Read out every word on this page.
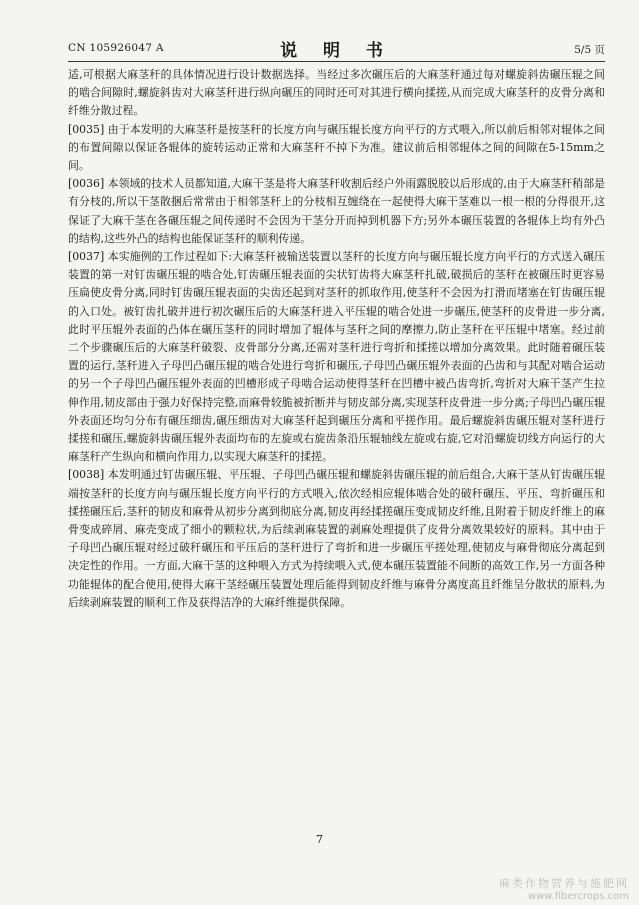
CN 105926047 A	说 明 书	5/5 页

适,可根据大麻茎秆的具体情况进行设计数据选择。当经过多次碾压后的大麻茎秆通过每对螺旋斜齿碾压辊之间的啮合间隙时,螺旋斜齿对大麻茎秆进行纵向碾压的同时还可对其进行横向揉搓,从而完成大麻茎秆的皮骨分离和纤维分散过程。

[0035] 由于本发明的大麻茎秆是按茎秆的长度方向与碾压辊长度方向平行的方式喂入,所以前后相邻对辊体之间的布置间隙以保证各辊体的旋转运动正常和大麻茎秆不掉下为准。建议前后相邻辊体之间的间隙在5-15mm之间。

[0036] 本领域的技术人员都知道,大麻干茎是将大麻茎秆收割后经户外雨露脱胶以后形成的,由于大麻茎秆稍部是有分枝的,所以干茎散捆后常常由于相邻茎秆上的分枝相互缠绕在一起使得大麻干茎难以一根一根的分得很开,这保证了大麻干茎在各碾压辊之间传递时不会因为干茎分开而掉到机器下方;另外本碾压装置的各辊体上均有外凸的结构,这些外凸的结构也能保证茎秆的顺利传递。

[0037] 本实施例的工作过程如下:大麻茎秆被输送装置以茎秆的长度方向与碾压辊长度方向平行的方式送入碾压装置的第一对钉齿碾压辊的啮合处,钉齿碾压辊表面的尖状钉齿将大麻茎秆扎破,破损后的茎秆在被碾压时更容易压扁使皮骨分离,同时钉齿碾压辊表面的尖齿还起到对茎秆的抓取作用,使茎秆不会因为打滑而堵塞在钉齿碾压辊的入口处。被钉齿扎破并进行初次碾压后的大麻茎秆进入平压辊的啮合处进一步碾压,使茎秆的皮骨进一步分离,此时平压辊外表面的凸体在碾压茎秆的同时增加了辊体与茎秆之间的摩擦力,防止茎秆在平压辊中堵塞。经过前二个步骤碾压后的大麻茎秆破裂、皮骨部分分离,还需对茎秆进行弯折和揉搓以增加分离效果。此时随着碾压装置的运行,茎秆进入子母凹凸碾压辊的啮合处进行弯折和碾压,子母凹凸碾压辊外表面的凸齿和与其配对啮合运动的另一个子母凹凸碾压辊外表面的凹槽形成子母啮合运动使得茎秆在凹槽中被凸齿弯折,弯折对大麻干茎产生拉伸作用,韧皮部由于强力好保持完整,而麻骨较脆被折断并与韧皮部分离,实现茎秆皮骨进一步分离;子母凹凸碾压辊外表面还均匀分布有碾压细齿,碾压细齿对大麻茎秆起到碾压分离和平搓作用。最后螺旋斜齿碾压辊对茎秆进行揉搓和碾压,螺旋斜齿碾压辊外表面均布的左旋或右旋齿条沿压辊轴线左旋或右旋,它对沿螺旋切线方向运行的大麻茎秆产生纵向和横向作用力,以实现大麻茎秆的揉搓。

[0038] 本发明通过钉齿碾压辊、平压辊、子母凹凸碾压辊和螺旋斜齿碾压辊的前后组合,大麻干茎从钉齿碾压辊端按茎秆的长度方向与碾压辊长度方向平行的方式喂入,依次经相应辊体啮合处的破秆碾压、平压、弯折碾压和揉搓碾压后,茎秆的韧皮和麻骨从初步分离到彻底分离,韧皮再经揉搓碾压变成韧皮纤维,且附着于韧皮纤维上的麻骨变成碎屑、麻壳变成了细小的颗粒状,为后续剥麻装置的剥麻处理提供了皮骨分离效果较好的原料。其中由于子母凹凸碾压辊对经过破秆碾压和平压后的茎秆进行了弯折和进一步碾压平搓处理,使韧皮与麻骨彻底分离起到决定性的作用。一方面,大麻干茎的这种喂入方式为持续喂入式,使本碾压装置能不间断的高效工作,另一方面各种功能辊体的配合使用,使得大麻干茎经碾压装置处理后能得到韧皮纤维与麻骨分离度高且纤维呈分散状的原料,为后续剥麻装置的顺利工作及获得洁净的大麻纤维提供保障。

7
麻类作物营养与施肥网
www.fibercrops.com
